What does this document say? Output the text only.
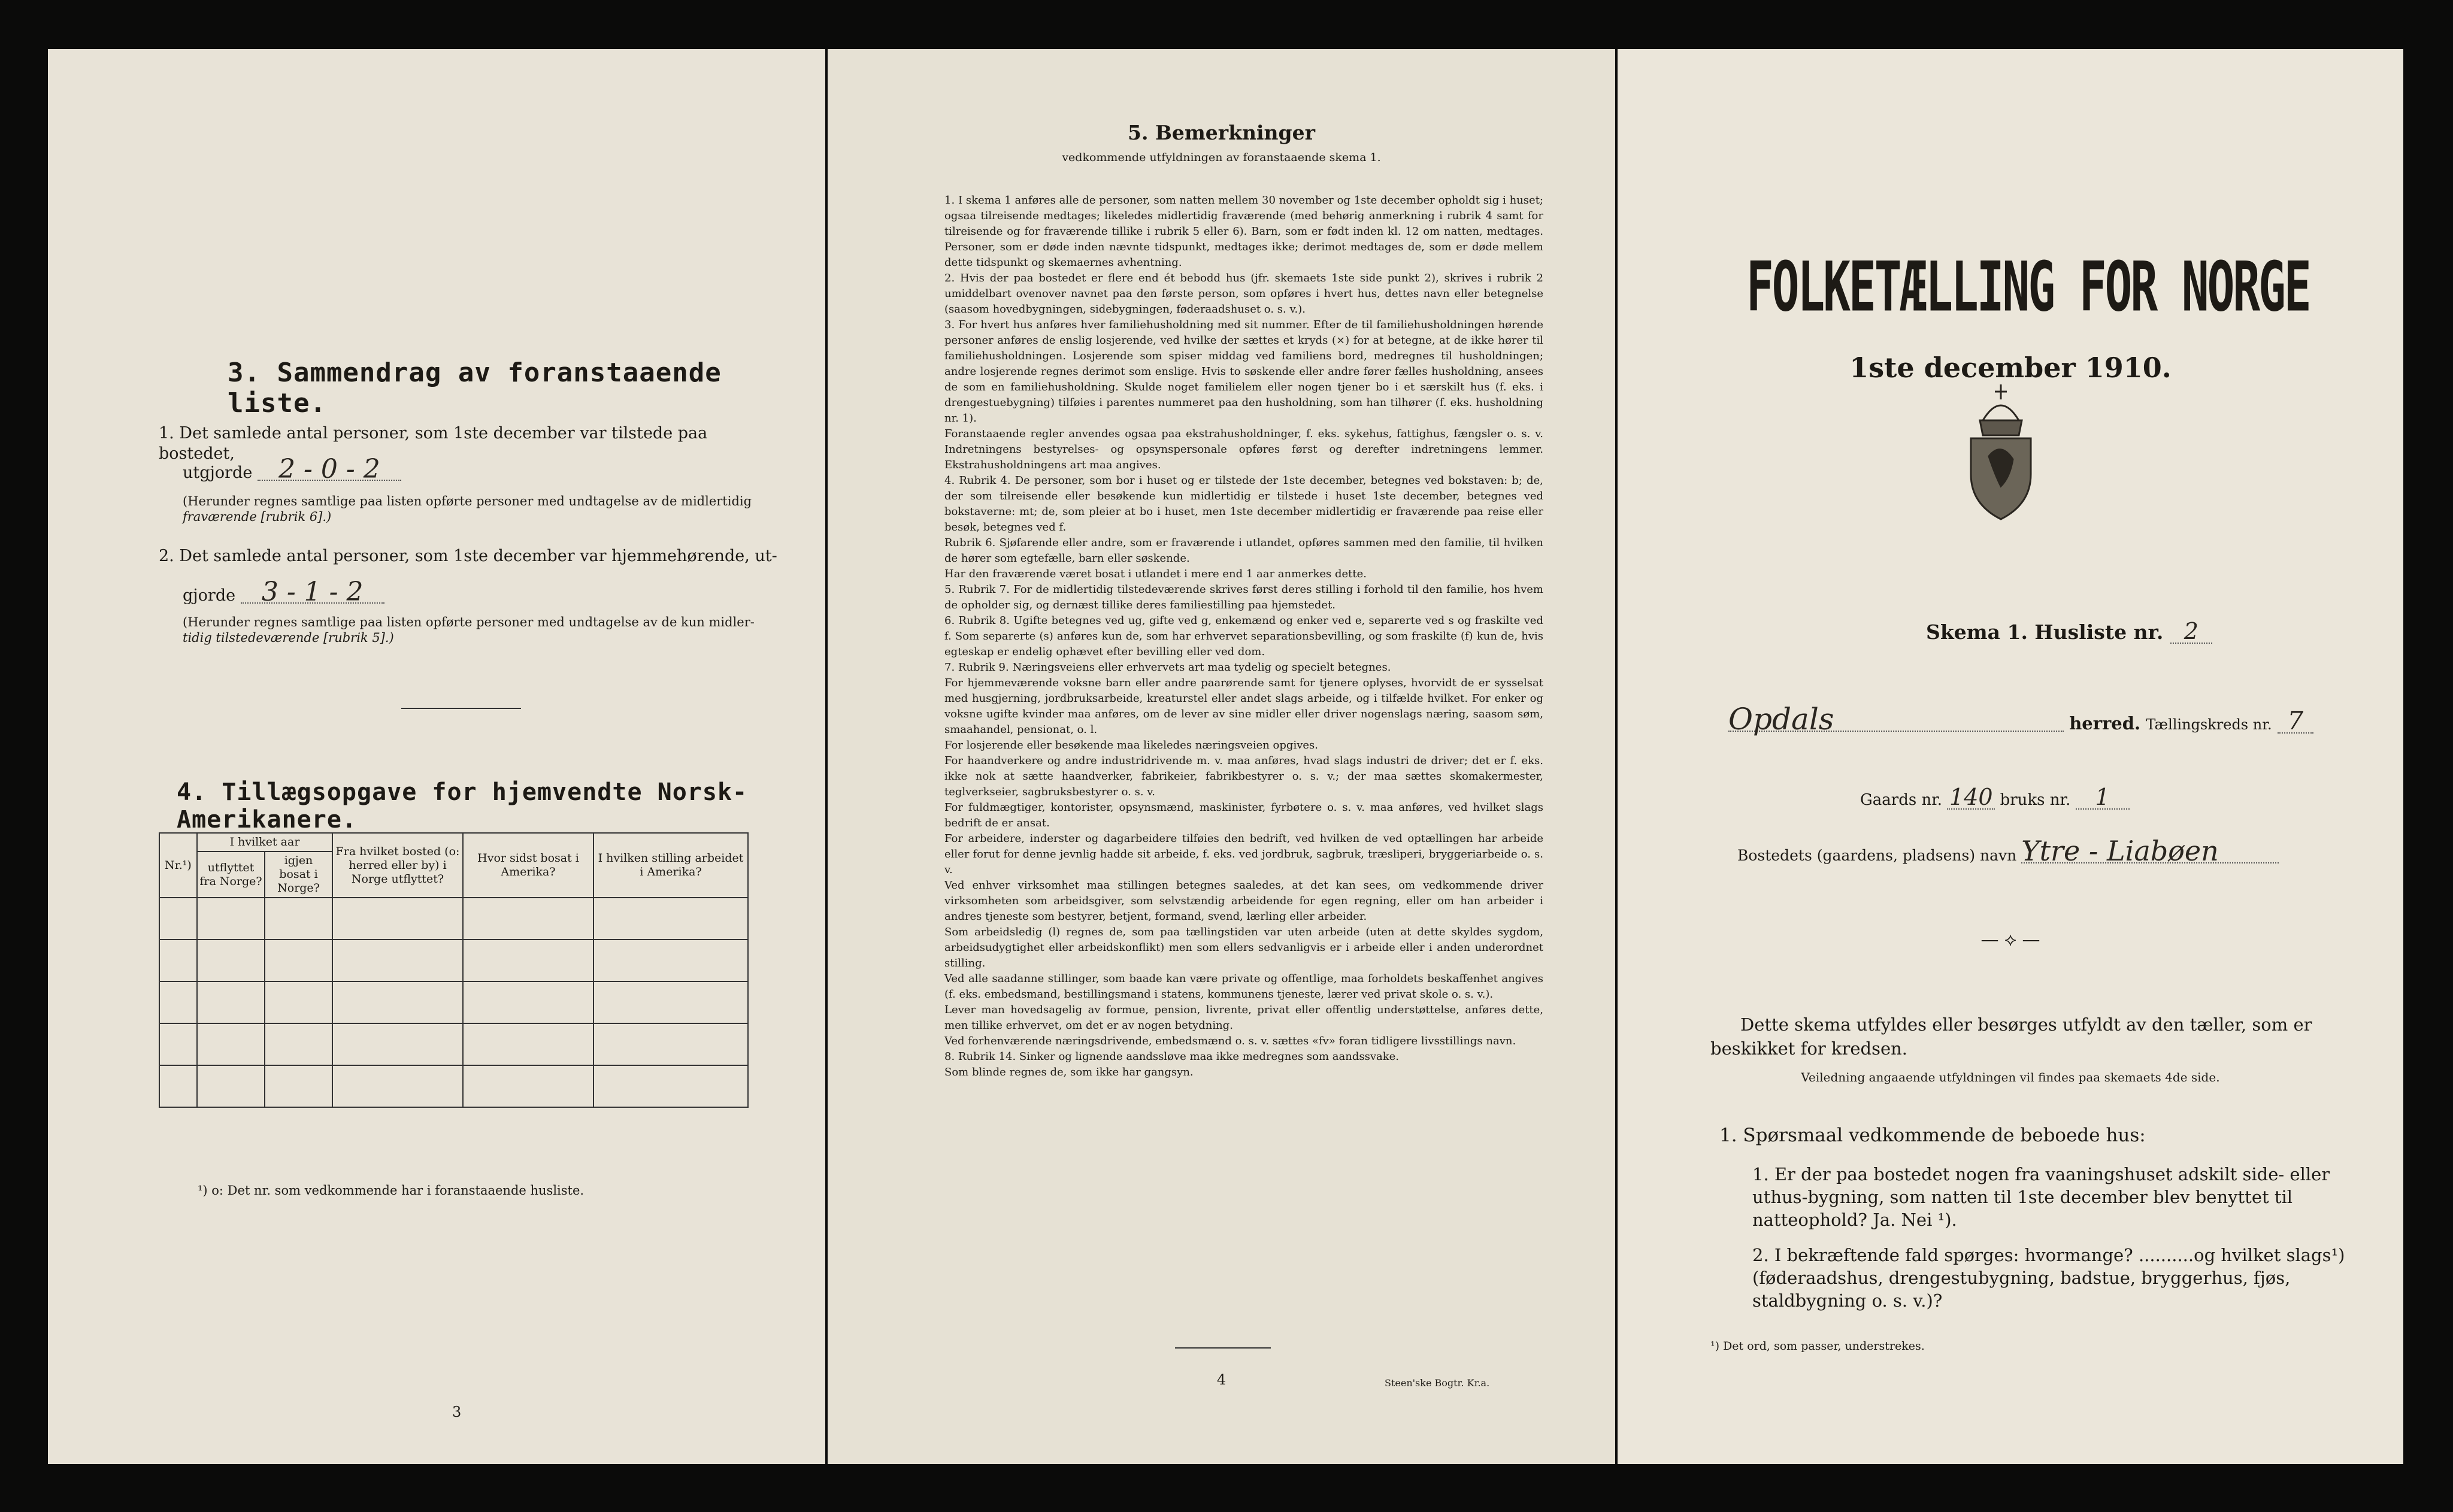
3. Sammendrag av foranstaaende liste.
1. Det samlede antal personer, som 1ste december var tilstede paa bostedet,
utgjorde 2 - 0 - 2
(Herunder regnes samtlige paa listen opførte personer med undtagelse av de midlertidig
fraværende [rubrik 6].)
2. Det samlede antal personer, som 1ste december var hjemmehørende, ut-
gjorde 3 - 1 - 2
(Herunder regnes samtlige paa listen opførte personer med undtagelse av de kun midler-
tidig tilstedeværende [rubrik 5].)
4. Tillægsopgave for hjemvendte Norsk-Amerikanere.
Nr.¹)	I hvilket aar		Fra hvilket bosted (o: herred eller by) i Norge utflyttet?	Hvor sidst bosat i Amerika?	I hvilken stilling arbeidet i Amerika?
	utflyttet fra Norge?	igjen bosat i Norge?			

¹) o: Det nr. som vedkommende har i foranstaaende husliste.
3
5. Bemerkninger
vedkommende utfyldningen av foranstaaende skema 1.
1. I skema 1 anføres alle de personer, som natten mellem 30 november og 1ste december opholdt sig i huset; ogsaa tilreisende medtages; likeledes midlertidig fraværende (med behørig anmerkning i rubrik 4 samt for tilreisende og for fraværende tillike i rubrik 5 eller 6). Barn, som er født inden kl. 12 om natten, medtages. Personer, som er døde inden nævnte tidspunkt, medtages ikke; derimot medtages de, som er døde mellem dette tidspunkt og skemaernes avhentning.
2. Hvis der paa bostedet er flere end ét bebodd hus (jfr. skemaets 1ste side punkt 2), skrives i rubrik 2 umiddelbart ovenover navnet paa den første person, som opføres i hvert hus, dettes navn eller betegnelse (saasom hovedbygningen, sidebygningen, føderaadshuset o. s. v.).
3. For hvert hus anføres hver familiehusholdning med sit nummer. Efter de til familiehusholdningen hørende personer anføres de enslig losjerende, ved hvilke der sættes et kryds (×) for at betegne, at de ikke hører til familiehusholdningen. Losjerende som spiser middag ved familiens bord, medregnes til husholdningen; andre losjerende regnes derimot som enslige. Hvis to søskende eller andre fører fælles husholdning, ansees de som en familiehusholdning. Skulde noget familielem eller nogen tjener bo i et særskilt hus (f. eks. i drengestuebygning) tilføies i parentes nummeret paa den husholdning, som han tilhører (f. eks. husholdning nr. 1).
Foranstaaende regler anvendes ogsaa paa ekstrahusholdninger, f. eks. sykehus, fattighus, fængsler o. s. v. Indretningens bestyrelses- og opsynspersonale opføres først og derefter indretningens lemmer. Ekstrahusholdningens art maa angives.
4. Rubrik 4. De personer, som bor i huset og er tilstede der 1ste december, betegnes ved bokstaven: b; de, der som tilreisende eller besøkende kun midlertidig er tilstede i huset 1ste december, betegnes ved bokstaverne: mt; de, som pleier at bo i huset, men 1ste december midlertidig er fraværende paa reise eller besøk, betegnes ved f.
Rubrik 6. Sjøfarende eller andre, som er fraværende i utlandet, opføres sammen med den familie, til hvilken de hører som egtefælle, barn eller søskende.
Har den fraværende været bosat i utlandet i mere end 1 aar anmerkes dette.
5. Rubrik 7. For de midlertidig tilstedeværende skrives først deres stilling i forhold til den familie, hos hvem de opholder sig, og dernæst tillike deres familiestilling paa hjemstedet.
6. Rubrik 8. Ugifte betegnes ved ug, gifte ved g, enkemænd og enker ved e, separerte ved s og fraskilte ved f. Som separerte (s) anføres kun de, som har erhvervet separationsbevilling, og som fraskilte (f) kun de, hvis egteskap er endelig ophævet efter bevilling eller ved dom.
7. Rubrik 9. Næringsveiens eller erhvervets art maa tydelig og specielt betegnes.
For hjemmeværende voksne barn eller andre paarørende samt for tjenere oplyses, hvorvidt de er sysselsat med husgjerning, jordbruksarbeide, kreaturstel eller andet slags arbeide, og i tilfælde hvilket. For enker og voksne ugifte kvinder maa anføres, om de lever av sine midler eller driver nogenslags næring, saasom søm, smaahandel, pensionat, o. l.
For losjerende eller besøkende maa likeledes næringsveien opgives.
For haandverkere og andre industridrivende m. v. maa anføres, hvad slags industri de driver; det er f. eks. ikke nok at sætte haandverker, fabrikeier, fabrikbestyrer o. s. v.; der maa sættes skomakermester, teglverkseier, sagbruksbestyrer o. s. v.
For fuldmægtiger, kontorister, opsynsmænd, maskinister, fyrbøtere o. s. v. maa anføres, ved hvilket slags bedrift de er ansat.
For arbeidere, inderster og dagarbeidere tilføies den bedrift, ved hvilken de ved optællingen har arbeide eller forut for denne jevnlig hadde sit arbeide, f. eks. ved jordbruk, sagbruk, træsliperi, bryggeriarbeide o. s. v.
Ved enhver virksomhet maa stillingen betegnes saaledes, at det kan sees, om vedkommende driver virksomheten som arbeidsgiver, som selvstændig arbeidende for egen regning, eller om han arbeider i andres tjeneste som bestyrer, betjent, formand, svend, lærling eller arbeider.
Som arbeidsledig (l) regnes de, som paa tællingstiden var uten arbeide (uten at dette skyldes sygdom, arbeidsudygtighet eller arbeidskonflikt) men som ellers sedvanligvis er i arbeide eller i anden underordnet stilling.
Ved alle saadanne stillinger, som baade kan være private og offentlige, maa forholdets beskaffenhet angives (f. eks. embedsmand, bestillingsmand i statens, kommunens tjeneste, lærer ved privat skole o. s. v.).
Lever man hovedsagelig av formue, pension, livrente, privat eller offentlig understøttelse, anføres dette, men tillike erhvervet, om det er av nogen betydning.
Ved forhenværende næringsdrivende, embedsmænd o. s. v. sættes «fv» foran tidligere livsstillings navn.
8. Rubrik 14. Sinker og lignende aandssløve maa ikke medregnes som aandssvake.
Som blinde regnes de, som ikke har gangsyn.
4	Steen'ske Bogtr. Kr.a.
FOLKETÆLLING FOR NORGE
1ste december 1910.
Skema 1. Husliste nr. 2
Opdals	herred. Tællingskreds nr. 7
Gaards nr. 140 bruks nr. 1
Bostedets (gaardens, pladsens) navn Ytre - Liabøen
— ⟡ —
Dette skema utfyldes eller besørges utfyldt av den tæller, som er
beskikket for kredsen.
Veiledning angaaende utfyldningen vil findes paa skemaets 4de side.
1. Spørsmaal vedkommende de beboede hus:
1. Er der paa bostedet nogen fra vaaningshuset adskilt side- eller uthus-bygning, som natten til 1ste december blev benyttet til natteophold? Ja. Nei ¹).
2. I bekræftende fald spørges: hvormange? ..........og hvilket slags¹) (føderaadshus, drengestubygning, badstue, bryggerhus, fjøs, staldbygning o. s. v.)?
¹) Det ord, som passer, understrekes.
